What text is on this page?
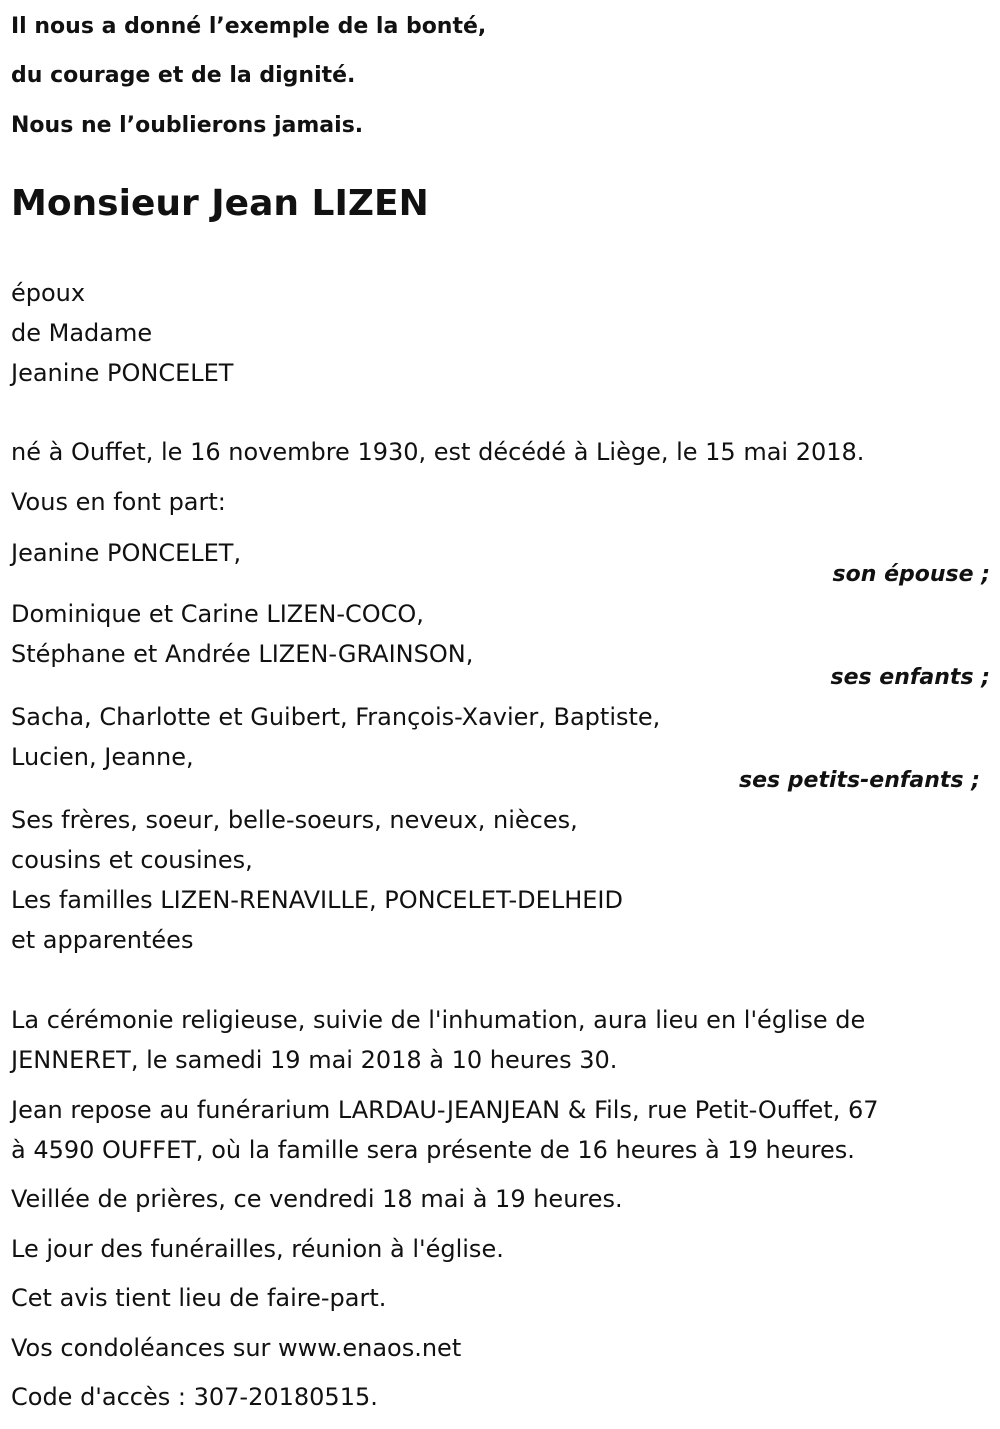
Il nous a donné l’exemple de la bonté,

du courage et de la dignité.

Nous ne l’oublierons jamais.

Monsieur Jean LIZEN
époux
de Madame
Jeanine PONCELET

né à Ouffet, le 16 novembre 1930, est décédé à Liège, le 15 mai 2018.

Vous en font part:

Jeanine PONCELET,
son épouse ;
Dominique et Carine LIZEN-COCO,
Stéphane et Andrée LIZEN-GRAINSON,
ses enfants ;
Sacha, Charlotte et Guibert, François-Xavier, Baptiste,
Lucien, Jeanne,
ses petits-enfants ;
Ses frères, soeur, belle-soeurs, neveux, nièces,
cousins et cousines,
Les familles LIZEN-RENAVILLE, PONCELET-DELHEID
et apparentées
La cérémonie religieuse, suivie de l'inhumation, aura lieu en l'église de
JENNERET, le samedi 19 mai 2018 à 10 heures 30.
Jean repose au funérarium LARDAU-JEANJEAN & Fils, rue Petit-Ouffet, 67
à 4590 OUFFET, où la famille sera présente de 16 heures à 19 heures.

Veillée de prières, ce vendredi 18 mai à 19 heures.

Le jour des funérailles, réunion à l'église.

Cet avis tient lieu de faire-part.

Vos condoléances sur www.enaos.net

Code d'accès : 307-20180515.
